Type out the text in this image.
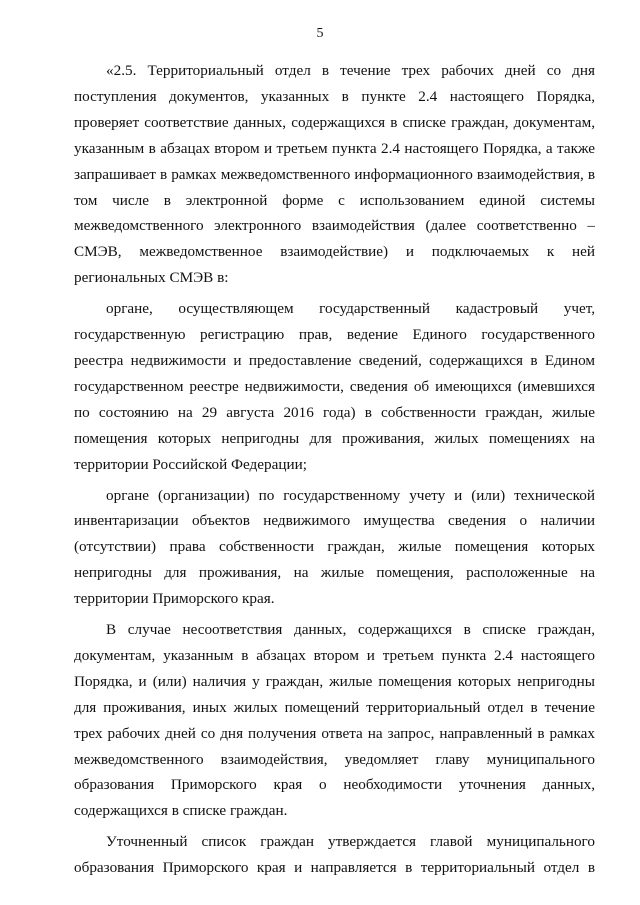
5
«2.5. Территориальный отдел в течение трех рабочих дней со дня
поступления документов, указанных в пункте 2.4 настоящего Порядка,
проверяет соответствие данных, содержащихся в списке граждан, документам,
указанным в абзацах втором и третьем пункта 2.4 настоящего Порядка, а также
запрашивает в рамках межведомственного информационного взаимодействия, в
том числе в электронной форме с использованием единой системы
межведомственного электронного взаимодействия (далее соответственно –
СМЭВ, межведомственное взаимодействие) и подключаемых к ней
региональных СМЭВ в:
органе, осуществляющем государственный кадастровый учет,
государственную регистрацию прав, ведение Единого государственного
реестра недвижимости и предоставление сведений, содержащихся в Едином
государственном реестре недвижимости, сведения об имеющихся (имевшихся
по состоянию на 29 августа 2016 года) в собственности граждан, жилые
помещения которых непригодны для проживания, жилых помещениях на
территории Российской Федерации;
органе (организации) по государственному учету и (или) технической
инвентаризации объектов недвижимого имущества сведения о наличии
(отсутствии) права собственности граждан, жилые помещения которых
непригодны для проживания, на жилые помещения, расположенные на
территории Приморского края.
В случае несоответствия данных, содержащихся в списке граждан,
документам, указанным в абзацах втором и третьем пункта 2.4 настоящего
Порядка, и (или) наличия у граждан, жилые помещения которых непригодны
для проживания, иных жилых помещений территориальный отдел в течение
трех рабочих дней со дня получения ответа на запрос, направленный в рамках
межведомственного взаимодействия, уведомляет главу муниципального
образования Приморского края о необходимости уточнения данных,
содержащихся в списке граждан.
Уточненный список граждан утверждается главой муниципального
образования Приморского края и направляется в территориальный отдел в
